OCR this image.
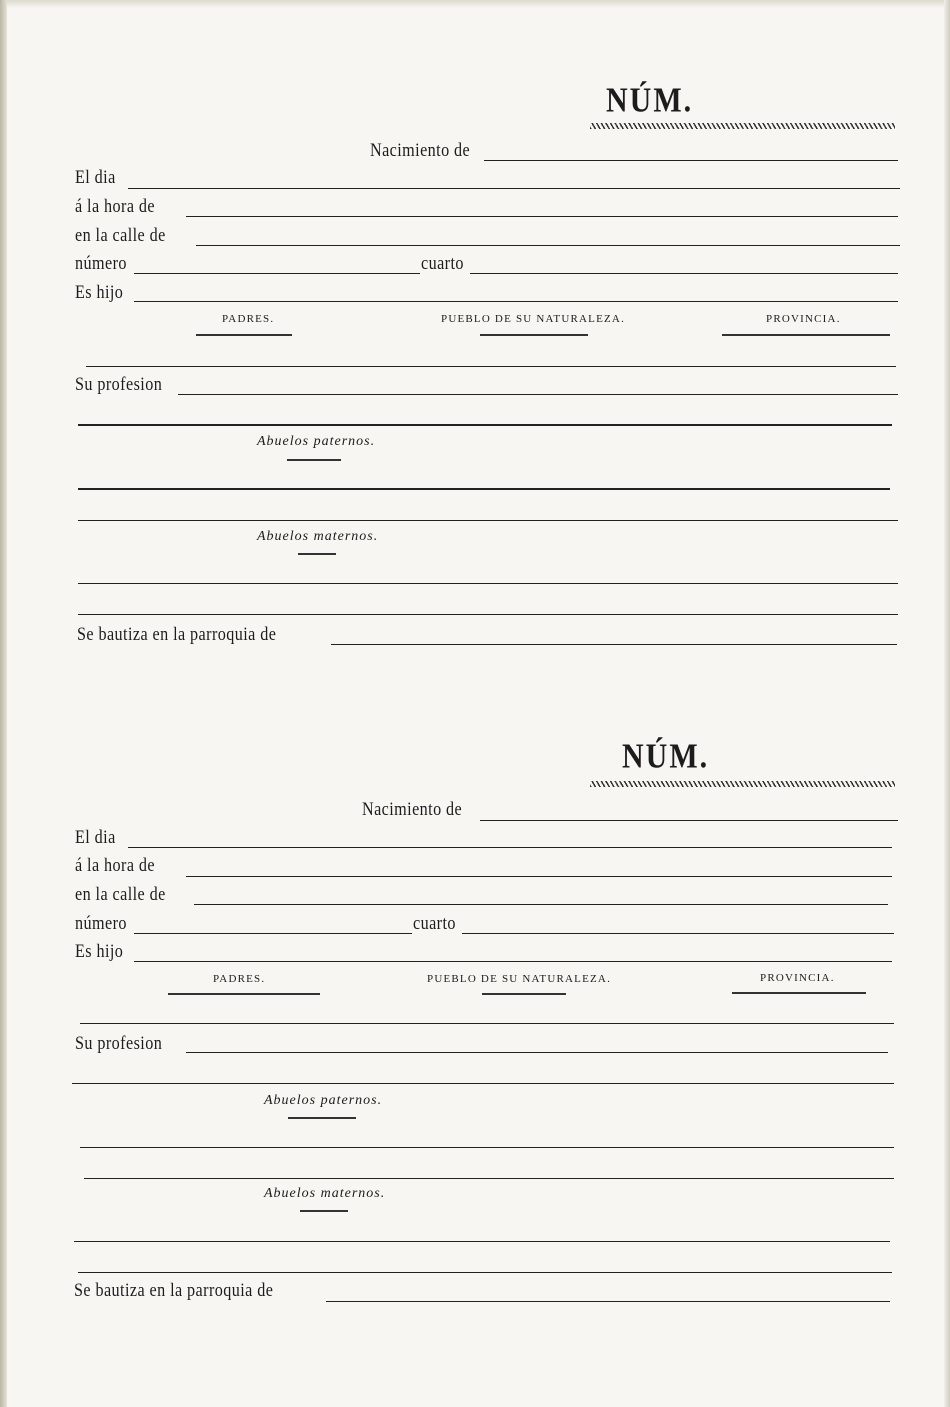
NÚM.
Nacimiento de
El dia
á la hora de
en la calle de
número	cuarto
Es hijo
PADRES.	PUEBLO DE SU NATURALEZA.	PROVINCIA.
Su profesion
Abuelos paternos.
Abuelos maternos.
Se bautiza en la parroquia de
NÚM.
Nacimiento de
El dia
á la hora de
en la calle de
número	cuarto
Es hijo
PADRES.	PUEBLO DE SU NATURALEZA.	PROVINCIA.
Su profesion
Abuelos paternos.
Abuelos maternos.
Se bautiza en la parroquia de
